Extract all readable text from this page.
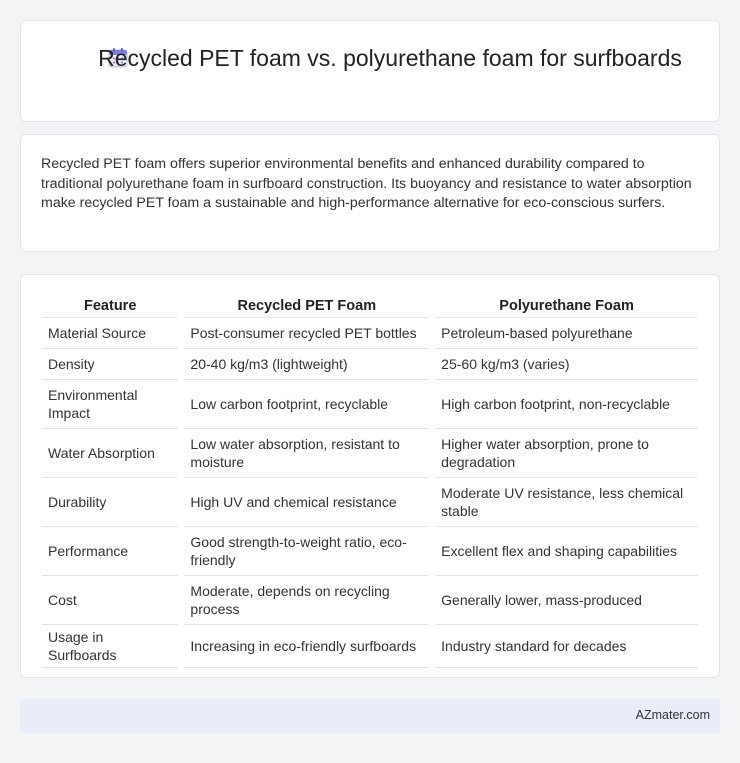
Recycled PET foam vs. polyurethane foam for surfboards

Recycled PET foam offers superior environmental benefits and enhanced durability compared to traditional polyurethane foam in surfboard construction. Its buoyancy and resistance to water absorption make recycled PET foam a sustainable and high-performance alternative for eco-conscious surfers.

Feature	Recycled PET Foam	Polyurethane Foam
Material Source	Post-consumer recycled PET bottles	Petroleum-based polyurethane
Density	20-40 kg/m3 (lightweight)	25-60 kg/m3 (varies)
Environmental Impact	Low carbon footprint, recyclable	High carbon footprint, non-recyclable
Water Absorption	Low water absorption, resistant to moisture	Higher water absorption, prone to degradation
Durability	High UV and chemical resistance	Moderate UV resistance, less chemical stable
Performance	Good strength-to-weight ratio, eco-friendly	Excellent flex and shaping capabilities
Cost	Moderate, depends on recycling process	Generally lower, mass-produced
Usage in Surfboards	Increasing in eco-friendly surfboards	Industry standard for decades
AZmater.com
